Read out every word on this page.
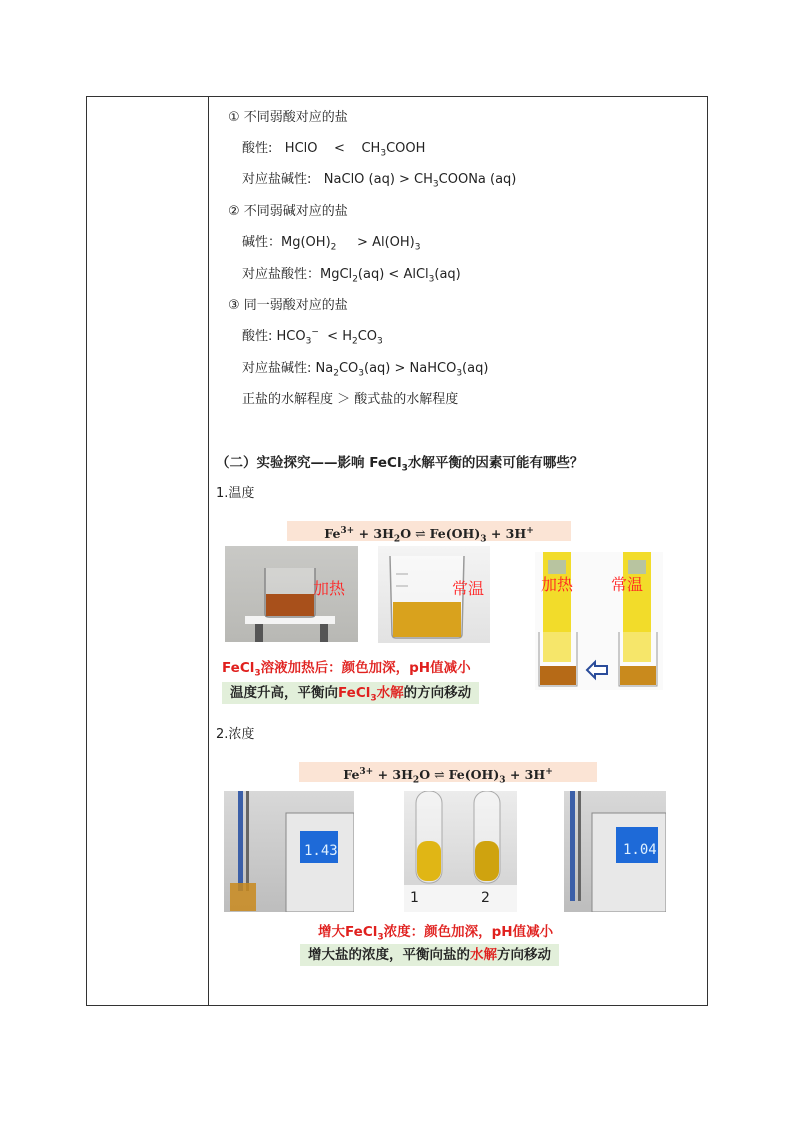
① 不同弱酸对应的盐
酸性: HClO < $CH_3COOH$
对应盐碱性: NaClO $(aq) > CH_3COONa$ (aq)
② 不同弱碱对应的盐
碱性：$Mg(OH)_2 > Al(OH)_3$
对应盐酸性：MgCl$_2$(aq) < AlCl$_3$(aq)
③ 同一弱酸对应的盐
酸性: $HCO_3^- < H_2CO_3$
对应盐碱性: $Na_2CO_3(aq)$ > NaHCO$_3$(aq)
正盐的水解程度 ＞ 酸式盐的水解程度
（二）实验探究——影响 FeCl$_3$水解平衡的因素可能有哪些？
1.温度
$Fe^{3+} + 3H_2O$ ⇌ $Fe(OH)_3 + 3H^+$
加热	常温	加热 常温
FeCl$_3$溶液加热后：颜色加深，pH值减小
温度升高，平衡向FeCl$_3$水解的方向移动
2.浓度
$Fe^{3+} + 3H_2O$ ⇌ $Fe(OH)_3 + 3H^+$
1.43
1	2
1.04
增大FeCl$_3$浓度：颜色加深，pH值减小
增大盐的浓度，平衡向盐的水解方向移动
